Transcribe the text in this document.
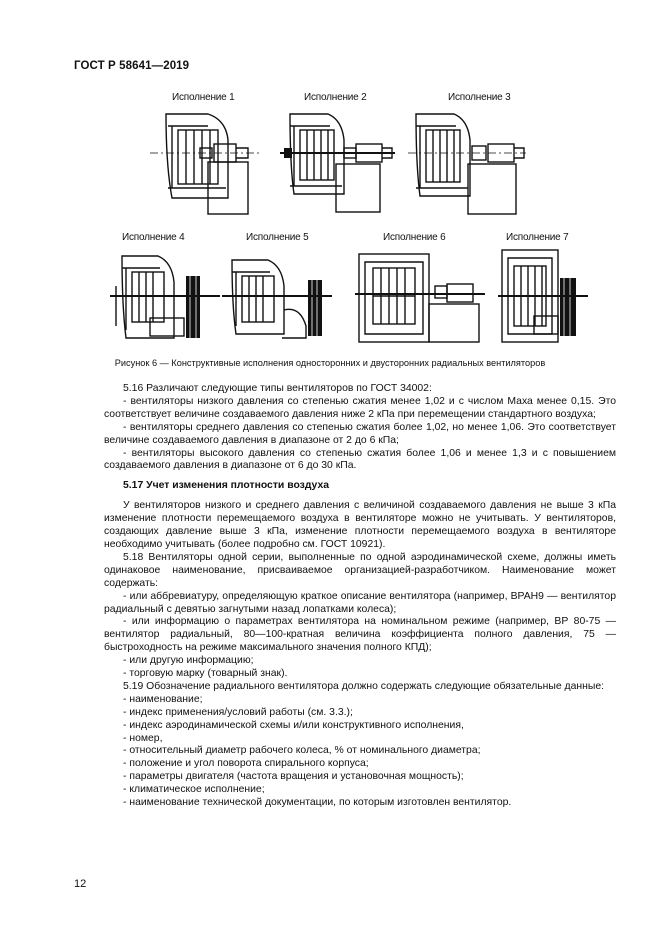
ГОСТ Р 58641—2019
Исполнение 1	Исполнение 2	Исполнение 3
Исполнение 4	Исполнение 5	Исполнение 6	Исполнение 7
Рисунок 6 — Конструктивные исполнения односторонних и двусторонних радиальных вентиляторов

5.16 Различают следующие типы вентиляторов по ГОСТ 34002:

- вентиляторы низкого давления со степенью сжатия менее 1,02 и с числом Маха менее 0,15. Это соответствует величине создаваемого давления ниже 2 кПа при перемещении стандартного воздуха;

- вентиляторы среднего давления со степенью сжатия более 1,02, но менее 1,06. Это соответствует величине создаваемого давления в диапазоне от 2 до 6 кПа;

- вентиляторы высокого давления со степенью сжатия более 1,06 и менее 1,3 и с повышением создаваемого давления в диапазоне от 6 до 30 кПа.

5.17 Учет изменения плотности воздуха

У вентиляторов низкого и среднего давления с величиной создаваемого давления не выше 3 кПа изменение плотности перемещаемого воздуха в вентиляторе можно не учитывать. У вентиляторов, создающих давление выше 3 кПа, изменение плотности перемещаемого воздуха в вентиляторе необходимо учитывать (более подробно см. ГОСТ 10921).

5.18 Вентиляторы одной серии, выполненные по одной аэродинамической схеме, должны иметь одинаковое наименование, присваиваемое организацией-разработчиком. Наименование может содержать:

- или аббревиатуру, определяющую краткое описание вентилятора (например, ВРАН9 — вентилятор радиальный с девятью загнутыми назад лопатками колеса);

- или информацию о параметрах вентилятора на номинальном режиме (например, ВР 80-75 — вентилятор радиальный, 80—100-кратная величина коэффициента полного давления, 75 — быстроходность на режиме максимального значения полного КПД);

- или другую информацию;

- торговую марку (товарный знак).

5.19 Обозначение радиального вентилятора должно содержать следующие обязательные данные:

- наименование;

- индекс применения/условий работы (см. 3.3.);

- индекс аэродинамической схемы и/или конструктивного исполнения,

- номер,

- относительный диаметр рабочего колеса, % от номинального диаметра;

- положение и угол поворота спирального корпуса;

- параметры двигателя (частота вращения и установочная мощность);

- климатическое исполнение;

- наименование технической документации, по которым изготовлен вентилятор.

12
